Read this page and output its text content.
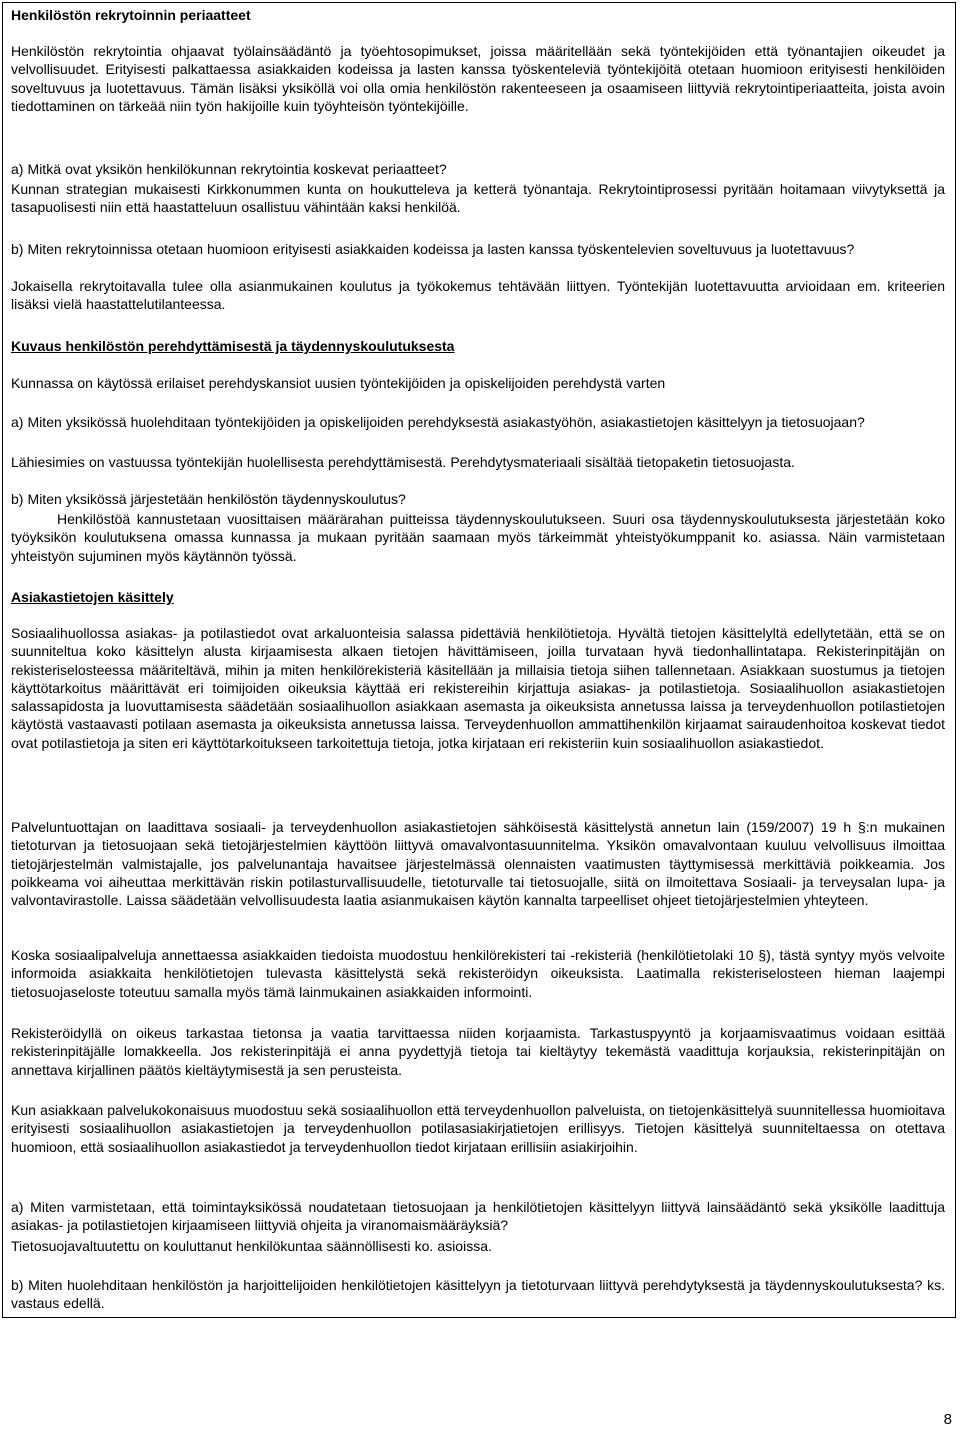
Henkilöstön rekrytoinnin periaatteet
Henkilöstön rekrytointia ohjaavat työlainsäädäntö ja työehtosopimukset, joissa määritellään sekä työntekijöiden että työnantajien oikeudet ja velvollisuudet. Erityisesti palkattaessa asiakkaiden kodeissa ja lasten kanssa työskenteleviä työntekijöitä otetaan huomioon erityisesti henkilöiden soveltuvuus ja luotettavuus. Tämän lisäksi yksiköllä voi olla omia henkilöstön rakenteeseen ja osaamiseen liittyviä rekrytointiperiaatteita, joista avoin tiedottaminen on tärkeää niin työn hakijoille kuin työyhteisön työntekijöille.
a) Mitkä ovat yksikön henkilökunnan rekrytointia koskevat periaatteet?
Kunnan strategian mukaisesti Kirkkonummen kunta on houkutteleva ja ketterä työnantaja. Rekrytointiprosessi pyritään hoitamaan viivytyksettä ja tasapuolisesti niin että haastatteluun osallistuu vähintään kaksi henkilöä.
b) Miten rekrytoinnissa otetaan huomioon erityisesti asiakkaiden kodeissa ja lasten kanssa työskentelevien soveltuvuus ja luotettavuus?
Jokaisella rekrytoitavalla tulee olla asianmukainen koulutus ja työkokemus tehtävään liittyen. Työntekijän luotettavuutta arvioidaan em. kriteerien lisäksi vielä haastattelutilanteessa.
Kuvaus henkilöstön perehdyttämisestä ja täydennyskoulutuksesta
Kunnassa on käytössä erilaiset perehdyskansiot uusien työntekijöiden ja opiskelijoiden perehdystä varten
a) Miten yksikössä huolehditaan työntekijöiden ja opiskelijoiden perehdyksestä asiakastyöhön, asiakastietojen käsittelyyn ja tietosuojaan?
Lähiesimies on vastuussa työntekijän huolellisesta perehdyttämisestä. Perehdytysmateriaali sisältää tietopaketin tietosuojasta.
b) Miten yksikössä järjestetään henkilöstön täydennyskoulutus?
Henkilöstöä kannustetaan vuosittaisen määrärahan puitteissa täydennyskoulutukseen. Suuri osa täydennyskoulutuksesta järjestetään koko työyksikön koulutuksena omassa kunnassa ja mukaan pyritään saamaan myös tärkeimmät yhteistyökumppanit ko. asiassa. Näin varmistetaan yhteistyön sujuminen myös käytännön työssä.
Asiakastietojen käsittely
Sosiaalihuollossa asiakas- ja potilastiedot ovat arkaluonteisia salassa pidettäviä henkilötietoja. Hyvältä tietojen käsittelyltä edellytetään, että se on suunniteltua koko käsittelyn alusta kirjaamisesta alkaen tietojen hävittämiseen, joilla turvataan hyvä tiedonhallintatapa. Rekisterinpitäjän on rekisteriselosteessa määriteltävä, mihin ja miten henkilörekisteriä käsitellään ja millaisia tietoja siihen tallennetaan. Asiakkaan suostumus ja tietojen käyttötarkoitus määrittävät eri toimijoiden oikeuksia käyttää eri rekistereihin kirjattuja asiakas- ja potilastietoja. Sosiaalihuollon asiakastietojen salassapidosta ja luovuttamisesta säädetään sosiaalihuollon asiakkaan asemasta ja oikeuksista annetussa laissa ja terveydenhuollon potilastietojen käytöstä vastaavasti potilaan asemasta ja oikeuksista annetussa laissa. Terveydenhuollon ammattihenkilön kirjaamat sairaudenhoitoa koskevat tiedot ovat potilastietoja ja siten eri käyttötarkoitukseen tarkoitettuja tietoja, jotka kirjataan eri rekisteriin kuin sosiaalihuollon asiakastiedot.
Palveluntuottajan on laadittava sosiaali- ja terveydenhuollon asiakastietojen sähköisestä käsittelystä annetun lain (159/2007) 19 h §:n mukainen tietoturvan ja tietosuojaan sekä tietojärjestelmien käyttöön liittyvä omavalvontasuunnitelma. Yksikön omavalvontaan kuuluu velvollisuus ilmoittaa tietojärjestelmän valmistajalle, jos palvelunantaja havaitsee järjestelmässä olennaisten vaatimusten täyttymisessä merkittäviä poikkeamia. Jos poikkeama voi aiheuttaa merkittävän riskin potilasturvallisuudelle, tietoturvalle tai tietosuojalle, siitä on ilmoitettava Sosiaali- ja terveysalan lupa- ja valvontavirastolle. Laissa säädetään velvollisuudesta laatia asianmukaisen käytön kannalta tarpeelliset ohjeet tietojärjestelmien yhteyteen.
Koska sosiaalipalveluja annettaessa asiakkaiden tiedoista muodostuu henkilörekisteri tai -rekisteriä (henkilötietolaki 10 §), tästä syntyy myös velvoite informoida asiakkaita henkilötietojen tulevasta käsittelystä sekä rekisteröidyn oikeuksista. Laatimalla rekisteriselosteen hieman laajempi tietosuojaseloste toteutuu samalla myös tämä lainmukainen asiakkaiden informointi.
Rekisteröidyllä on oikeus tarkastaa tietonsa ja vaatia tarvittaessa niiden korjaamista. Tarkastuspyyntö ja korjaamisvaatimus voidaan esittää rekisterinpitäjälle lomakkeella. Jos rekisterinpitäjä ei anna pyydettyjä tietoja tai kieltäytyy tekemästä vaadittuja korjauksia, rekisterinpitäjän on annettava kirjallinen päätös kieltäytymisestä ja sen perusteista.
Kun asiakkaan palvelukokonaisuus muodostuu sekä sosiaalihuollon että terveydenhuollon palveluista, on tietojenkäsittelyä suunnitellessa huomioitava erityisesti sosiaalihuollon asiakastietojen ja terveydenhuollon potilasasiakirjatietojen erillisyys. Tietojen käsittelyä suunniteltaessa on otettava huomioon, että sosiaalihuollon asiakastiedot ja terveydenhuollon tiedot kirjataan erillisiin asiakirjoihin.
a) Miten varmistetaan, että toimintayksikössä noudatetaan tietosuojaan ja henkilötietojen käsittelyyn liittyvä lainsäädäntö sekä yksikölle laadittuja asiakas- ja potilastietojen kirjaamiseen liittyviä ohjeita ja viranomaismääräyksiä?
Tietosuojavaltuutettu on kouluttanut henkilökuntaa säännöllisesti ko. asioissa.
b) Miten huolehditaan henkilöstön ja harjoittelijoiden henkilötietojen käsittelyyn ja tietoturvaan liittyvä perehdytyksestä ja täydennyskoulutuksesta? ks. vastaus edellä.
8
